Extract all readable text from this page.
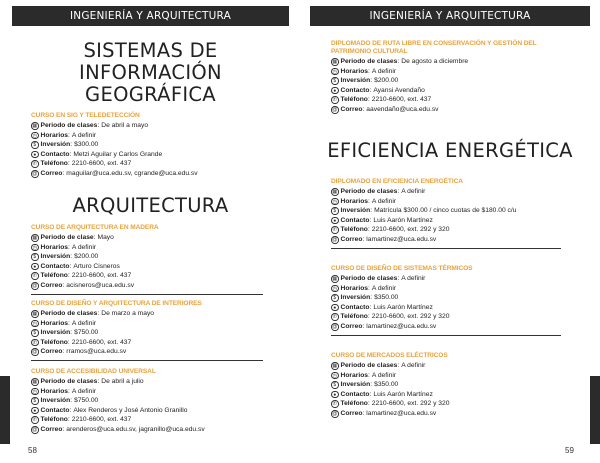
INGENIERÍA Y ARQUITECTURA
SISTEMAS DE
INFORMACIÓN
GEOGRÁFICA
CURSO EN SIG Y TELEDETECCIÓN
▦ Periodo de clases : De abril a mayo
◷ Horarios : A definir
$ Inversión : $300.00
● Contacto : Metzi Aguilar y Carlos Grande
✆ Teléfono : 2210-6600, ext. 437
@ Correo : maguilar@uca.edu.sv, cgrande@uca.edu.sv
ARQUITECTURA
CURSO DE ARQUITECTURA EN MADERA
▦ Periodo de clase : Mayo
◷ Horarios : A definir
$ Inversión : $200.00
● Contacto : Arturo Cisneros
✆ Teléfono : 2210-6600, ext. 437
@ Correo : acisneros@uca.edu.sv
CURSO DE DISEÑO Y ARQUITECTURA DE INTERIORES
▦ Periodo de clases : De marzo a mayo
◷ Horarios : A definir
$ Inversión : $750.00
✆ Teléfono : 2210-6600, ext. 437
@ Correo : rramos@uca.edu.sv
CURSO DE ACCESIBILIDAD UNIVERSAL
▦ Periodo de clases : De abril a julio
◷ Horarios : A definir
$ Inversión : $750.00
● Contacto : Alex Renderos y José Antonio Granillo
✆ Teléfono : 2210-6600, ext. 437
@ Correo : arenderos@uca.edu.sv, jagranillo@uca.edu.sv
58
INGENIERÍA Y ARQUITECTURA
DIPLOMADO DE RUTA LIBRE EN CONSERVACIÓN Y GESTIÓN DEL
PATRIMONIO CULTURAL
▦ Periodo de clases : De agosto a diciembre
◷ Horarios : A definir
$ Inversión : $200.00
● Contacto : Ayansi Avendaño
✆ Teléfono : 2210-6600, ext. 437
@ Correo : aavendaño@uca.edu.sv
EFICIENCIA ENERGÉTICA
DIPLOMADO EN EFICIENCIA ENERGÉTICA
▦ Periodo de clases : A definir
◷ Horarios : A definir
$ Inversión : Matrícula $300.00 / cinco cuotas de $180.00 c/u
● Contacto : Luis Aarón Martínez
✆ Teléfono : 2210-6600, ext. 292 y 320
@ Correo : lamartinez@uca.edu.sv
CURSO DE DISEÑO DE SISTEMAS TÉRMICOS
▦ Periodo de clases : A definir
◷ Horarios : A definir
$ Inversión : $350.00
● Contacto : Luis Aarón Martínez
✆ Teléfono : 2210-6600, ext. 292 y 320
@ Correo : lamartinez@uca.edu.sv
CURSO DE MERCADOS ELÉCTRICOS
▦ Periodo de clases : A definir
◷ Horarios : A definir
$ Inversión : $350.00
● Contacto : Luis Aarón Martínez
✆ Teléfono : 2210-6600, ext. 292 y 320
@ Correo : lamartinez@uca.edu.sv
59
